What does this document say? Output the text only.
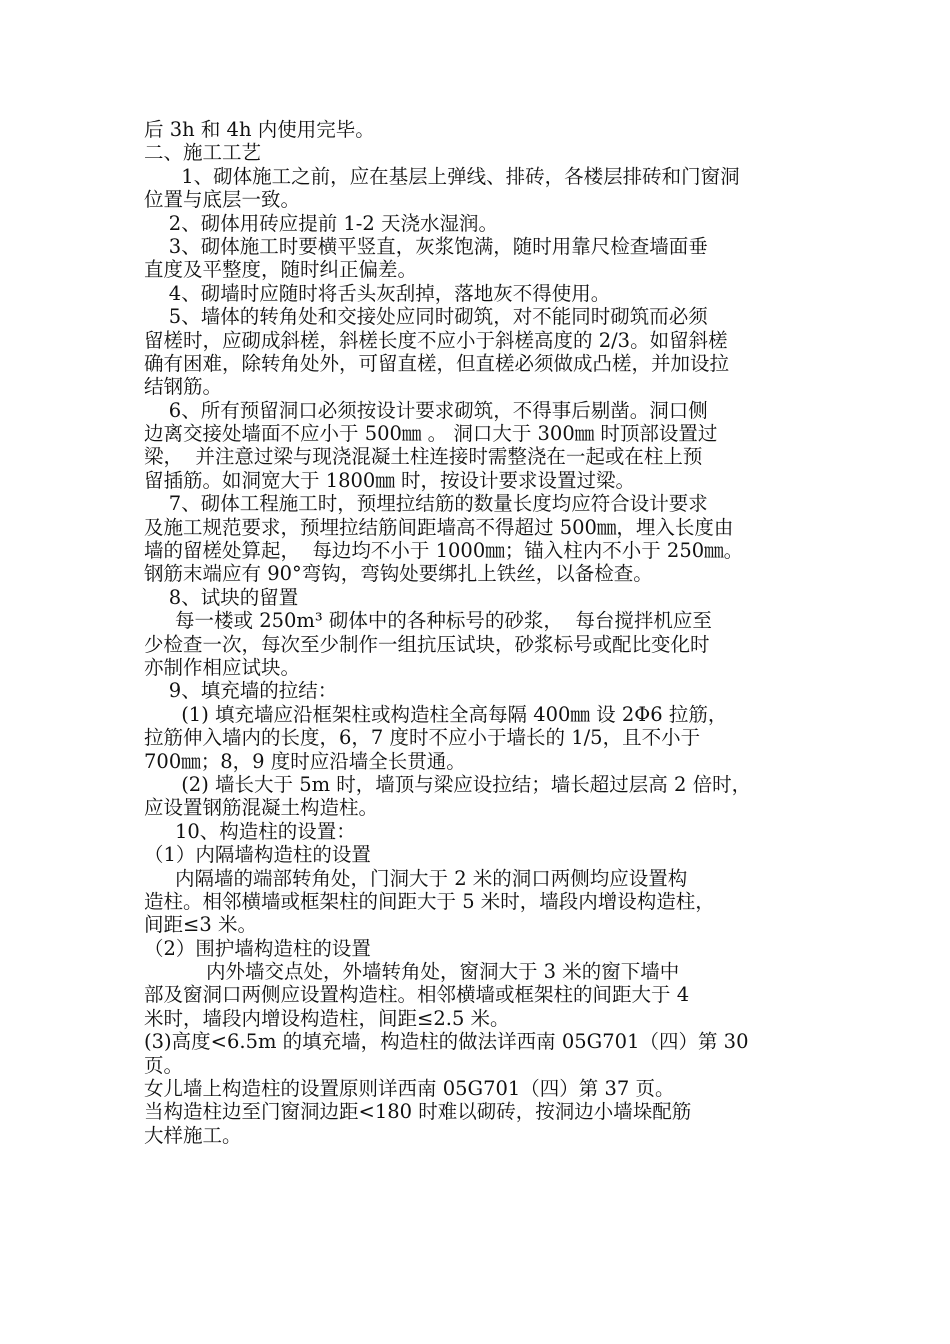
后 3h 和 4h 内使用完毕。
二、施工工艺
1、砌体施工之前，应在基层上弹线、排砖，各楼层排砖和门窗洞
位置与底层一致。
2、砌体用砖应提前 1-2 天浇水湿润。
3、砌体施工时要横平竖直，灰浆饱满，随时用靠尺检查墙面垂
直度及平整度，随时纠正偏差。
4、砌墙时应随时将舌头灰刮掉，落地灰不得使用。
5、墙体的转角处和交接处应同时砌筑，对不能同时砌筑而必须
留槎时，应砌成斜槎，斜槎长度不应小于斜槎高度的 2/3。如留斜槎
确有困难，除转角处外，可留直槎，但直槎必须做成凸槎，并加设拉
结钢筋。
6、所有预留洞口必须按设计要求砌筑，不得事后剔凿。洞口侧
边离交接处墙面不应小于 500㎜ 。 洞口大于 300㎜ 时顶部设置过
梁，  并注意过梁与现浇混凝土柱连接时需整浇在一起或在柱上预
留插筋。如洞宽大于 1800㎜ 时，按设计要求设置过梁。
7、砌体工程施工时，预埋拉结筋的数量长度均应符合设计要求
及施工规范要求，预埋拉结筋间距墙高不得超过 500㎜，埋入长度由
墙的留槎处算起，  每边均不小于 1000㎜；锚入柱内不小于 250㎜。
钢筋末端应有 90°弯钩，弯钩处要绑扎上铁丝，以备检查。
8、试块的留置
每一楼或 250m³ 砌体中的各种标号的砂浆，  每台搅拌机应至
少检查一次，每次至少制作一组抗压试块，砂浆标号或配比变化时
亦制作相应试块。
9、填充墙的拉结：
(1) 填充墙应沿框架柱或构造柱全高每隔 400㎜ 设 2Φ6 拉筋，
拉筋伸入墙内的长度，6，7 度时不应小于墙长的 1/5，且不小于
700㎜；8，9 度时应沿墙全长贯通。
(2) 墙长大于 5m 时，墙顶与梁应设拉结；墙长超过层高 2 倍时，
应设置钢筋混凝土构造柱。
10、构造柱的设置：
（1）内隔墙构造柱的设置
内隔墙的端部转角处，门洞大于 2 米的洞口两侧均应设置构
造柱。相邻横墙或框架柱的间距大于 5 米时，墙段内增设构造柱，
间距≤3 米。
（2）围护墙构造柱的设置
内外墙交点处，外墙转角处，窗洞大于 3 米的窗下墙中
部及窗洞口两侧应设置构造柱。相邻横墙或框架柱的间距大于 4
米时，墙段内增设构造柱，间距≤2.5 米。
(3)高度<6.5m 的填充墙，构造柱的做法详西南 05G701（四）第 30
页。
女儿墙上构造柱的设置原则详西南 05G701（四）第 37 页。
当构造柱边至门窗洞边距<180 时难以砌砖，按洞边小墙垛配筋
大样施工。
